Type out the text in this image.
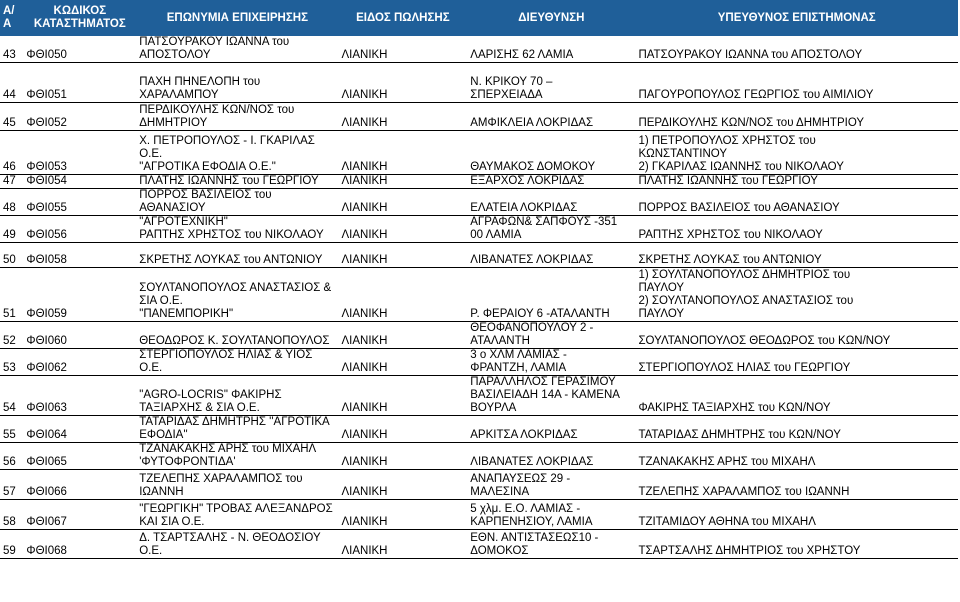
Α/Α	ΚΩΔΙΚΟΣ ΚΑΤΑΣΤΗΜΑΤΟΣ	ΕΠΩΝΥΜΙΑ ΕΠΙΧΕΙΡΗΣΗΣ	ΕΙΔΟΣ ΠΩΛΗΣΗΣ	ΔΙΕΥΘΥΝΣΗ	ΥΠΕΥΘΥΝΟΣ ΕΠΙΣΤΗΜΟΝΑΣ
43	ΦΘΙ050	ΠΑΤΣΟΥΡΑΚΟΥ ΙΩΑΝΝΑ του ΑΠΟΣΤΟΛΟΥ	ΛΙΑΝΙΚΗ	ΛΑΡΙΣΗΣ 62 ΛΑΜΙΑ	ΠΑΤΣΟΥΡΑΚΟΥ ΙΩΑΝΝΑ του ΑΠΟΣΤΟΛΟΥ
44	ΦΘΙ051	ΠΑΧΗ ΠΗΝΕΛΟΠΗ του ΧΑΡΑΛΑΜΠΟΥ	ΛΙΑΝΙΚΗ	Ν. ΚΡΙΚΟΥ 70 –
ΣΠΕΡΧΕΙΑΔΑ	ΠΑΓΟΥΡΟΠΟΥΛΟΣ ΓΕΩΡΓΙΟΣ του ΑΙΜΙΛΙΟΥ
45	ΦΘΙ052	ΠΕΡΔΙΚΟΥΛΗΣ ΚΩΝ/ΝΟΣ του ΔΗΜΗΤΡΙΟΥ	ΛΙΑΝΙΚΗ	ΑΜΦΙΚΛΕΙΑ ΛΟΚΡΙΔΑΣ	ΠΕΡΔΙΚΟΥΛΗΣ ΚΩΝ/ΝΟΣ του ΔΗΜΗΤΡΙΟΥ
46	ΦΘΙ053	Χ. ΠΕΤΡΟΠΟΥΛΟΣ - Ι. ΓΚΑΡΙΛΑΣ Ο.Ε.
"ΑΓΡΟΤΙΚΑ ΕΦΟΔΙΑ Ο.Ε."	ΛΙΑΝΙΚΗ	ΘΑΥΜΑΚΟΣ ΔΟΜΟΚΟΥ	1) ΠΕΤΡΟΠΟΥΛΟΣ ΧΡΗΣΤΟΣ του
ΚΩΝΣΤΑΝΤΙΝΟΥ
2) ΓΚΑΡΙΛΑΣ ΙΩΑΝΝΗΣ του ΝΙΚΟΛΑΟΥ
47	ΦΘΙ054	ΠΛΑΤΗΣ ΙΩΑΝΝΗΣ του ΓΕΩΡΓΙΟΥ	ΛΙΑΝΙΚΗ	ΕΞΑΡΧΟΣ ΛΟΚΡΙΔΑΣ	ΠΛΑΤΗΣ ΙΩΑΝΝΗΣ του ΓΕΩΡΓΙΟΥ
48	ΦΘΙ055	ΠΟΡΡΟΣ ΒΑΣΙΛΕΙΟΣ του ΑΘΑΝΑΣΙΟΥ	ΛΙΑΝΙΚΗ	ΕΛΑΤΕΙΑ ΛΟΚΡΙΔΑΣ	ΠΟΡΡΟΣ ΒΑΣΙΛΕΙΟΣ του ΑΘΑΝΑΣΙΟΥ
49	ΦΘΙ056	"ΑΓΡΟΤΕΧΝΙΚΗ"
ΡΑΠΤΗΣ ΧΡΗΣΤΟΣ του ΝΙΚΟΛΑΟΥ	ΛΙΑΝΙΚΗ	ΑΓΡΑΦΩΝ& ΣΑΠΦΟΥΣ -351
00 ΛΑΜΙΑ	ΡΑΠΤΗΣ ΧΡΗΣΤΟΣ του ΝΙΚΟΛΑΟΥ
50	ΦΘΙ058	ΣΚΡΕΤΗΣ ΛΟΥΚΑΣ του ΑΝΤΩΝΙΟΥ	ΛΙΑΝΙΚΗ	ΛΙΒΑΝΑΤΕΣ ΛΟΚΡΙΔΑΣ	ΣΚΡΕΤΗΣ ΛΟΥΚΑΣ του ΑΝΤΩΝΙΟΥ
51	ΦΘΙ059	ΣΟΥΛΤΑΝΟΠΟΥΛΟΣ ΑΝΑΣΤΑΣΙΟΣ & ΣΙΑ Ο.Ε.
"ΠΑΝΕΜΠΟΡΙΚΗ"	ΛΙΑΝΙΚΗ	Ρ. ΦΕΡΑΙΟΥ 6 -ΑΤΑΛΑΝΤΗ	1) ΣΟΥΛΤΑΝΟΠΟΥΛΟΣ ΔΗΜΗΤΡΙΟΣ του
ΠΑΥΛΟΥ
2) ΣΟΥΛΤΑΝΟΠΟΥΛΟΣ ΑΝΑΣΤΑΣΙΟΣ του
ΠΑΥΛΟΥ
52	ΦΘΙ060	ΘΕΟΔΩΡΟΣ Κ. ΣΟΥΛΤΑΝΟΠΟΥΛΟΣ	ΛΙΑΝΙΚΗ	ΘΕΟΦΑΝΟΠΟΥΛΟΥ 2 -
ΑΤΑΛΑΝΤΗ	ΣΟΥΛΤΑΝΟΠΟΥΛΟΣ ΘΕΟΔΩΡΟΣ του ΚΩΝ/ΝΟΥ
53	ΦΘΙ062	ΣΤΕΡΓΙΟΠΟΥΛΟΣ ΗΛΙΑΣ & ΥΙΟΣ Ο.Ε.	ΛΙΑΝΙΚΗ	3 ο ΧΛΜ ΛΑΜΙΑΣ -
ΦΡΑΝΤΖΗ, ΛΑΜΙΑ	ΣΤΕΡΓΙΟΠΟΥΛΟΣ ΗΛΙΑΣ του ΓΕΩΡΓΙΟΥ
54	ΦΘΙ063	"AGRO-LOCRIS" ΦΑΚΙΡΗΣ ΤΑΞΙΑΡΧΗΣ & ΣΙΑ Ο.Ε.	ΛΙΑΝΙΚΗ	ΠΑΡΑΛΛΗΛΟΣ ΓΕΡΑΣΙΜΟΥ
ΒΑΣΙΛΕΙΑΔΗ 14Α - ΚΑΜΕΝΑ
ΒΟΥΡΛΑ	ΦΑΚΙΡΗΣ ΤΑΞΙΑΡΧΗΣ του ΚΩΝ/ΝΟΥ
55	ΦΘΙ064	ΤΑΤΑΡΙΔΑΣ ΔΗΜΗΤΡΗΣ ''ΑΓΡΟΤΙΚΑ ΕΦΟΔΙΑ''	ΛΙΑΝΙΚΗ	ΑΡΚΙΤΣΑ ΛΟΚΡΙΔΑΣ	ΤΑΤΑΡΙΔΑΣ ΔΗΜΗΤΡΗΣ του ΚΩΝ/ΝΟΥ
56	ΦΘΙ065	ΤΖΑΝΑΚΑΚΗΣ ΑΡΗΣ του ΜΙΧΑΗΛ 'ΦΥΤΟΦΡΟΝΤΙΔΑ'	ΛΙΑΝΙΚΗ	ΛΙΒΑΝΑΤΕΣ ΛΟΚΡΙΔΑΣ	ΤΖΑΝΑΚΑΚΗΣ ΑΡΗΣ του ΜΙΧΑΗΛ
57	ΦΘΙ066	ΤΖΕΛΕΠΗΣ ΧΑΡΑΛΑΜΠΟΣ του ΙΩΑΝΝΗ	ΛΙΑΝΙΚΗ	ΑΝΑΠΑΥΣΕΩΣ 29 -
ΜΑΛΕΣΙΝΑ	ΤΖΕΛΕΠΗΣ ΧΑΡΑΛΑΜΠΟΣ του ΙΩΑΝΝΗ
58	ΦΘΙ067	"ΓΕΩΡΓΙΚΗ" ΤΡΟΒΑΣ ΑΛΕΞΑΝΔΡΟΣ ΚΑΙ ΣΙΑ Ο.Ε.	ΛΙΑΝΙΚΗ	5 χλμ. Ε.Ο. ΛΑΜΙΑΣ -
ΚΑΡΠΕΝΗΣΙΟΥ, ΛΑΜΙΑ	ΤΖΙΤΑΜΙΔΟΥ ΑΘΗΝΑ του ΜΙΧΑΗΛ
59	ΦΘΙ068	Δ. ΤΣΑΡΤΣΑΛΗΣ - Ν. ΘΕΟΔΟΣΙΟΥ Ο.Ε.	ΛΙΑΝΙΚΗ	ΕΘΝ. ΑΝΤΙΣΤΑΣΕΩΣ10 -
ΔΟΜΟΚΟΣ	ΤΣΑΡΤΣΑΛΗΣ ΔΗΜΗΤΡΙΟΣ του ΧΡΗΣΤΟΥ
